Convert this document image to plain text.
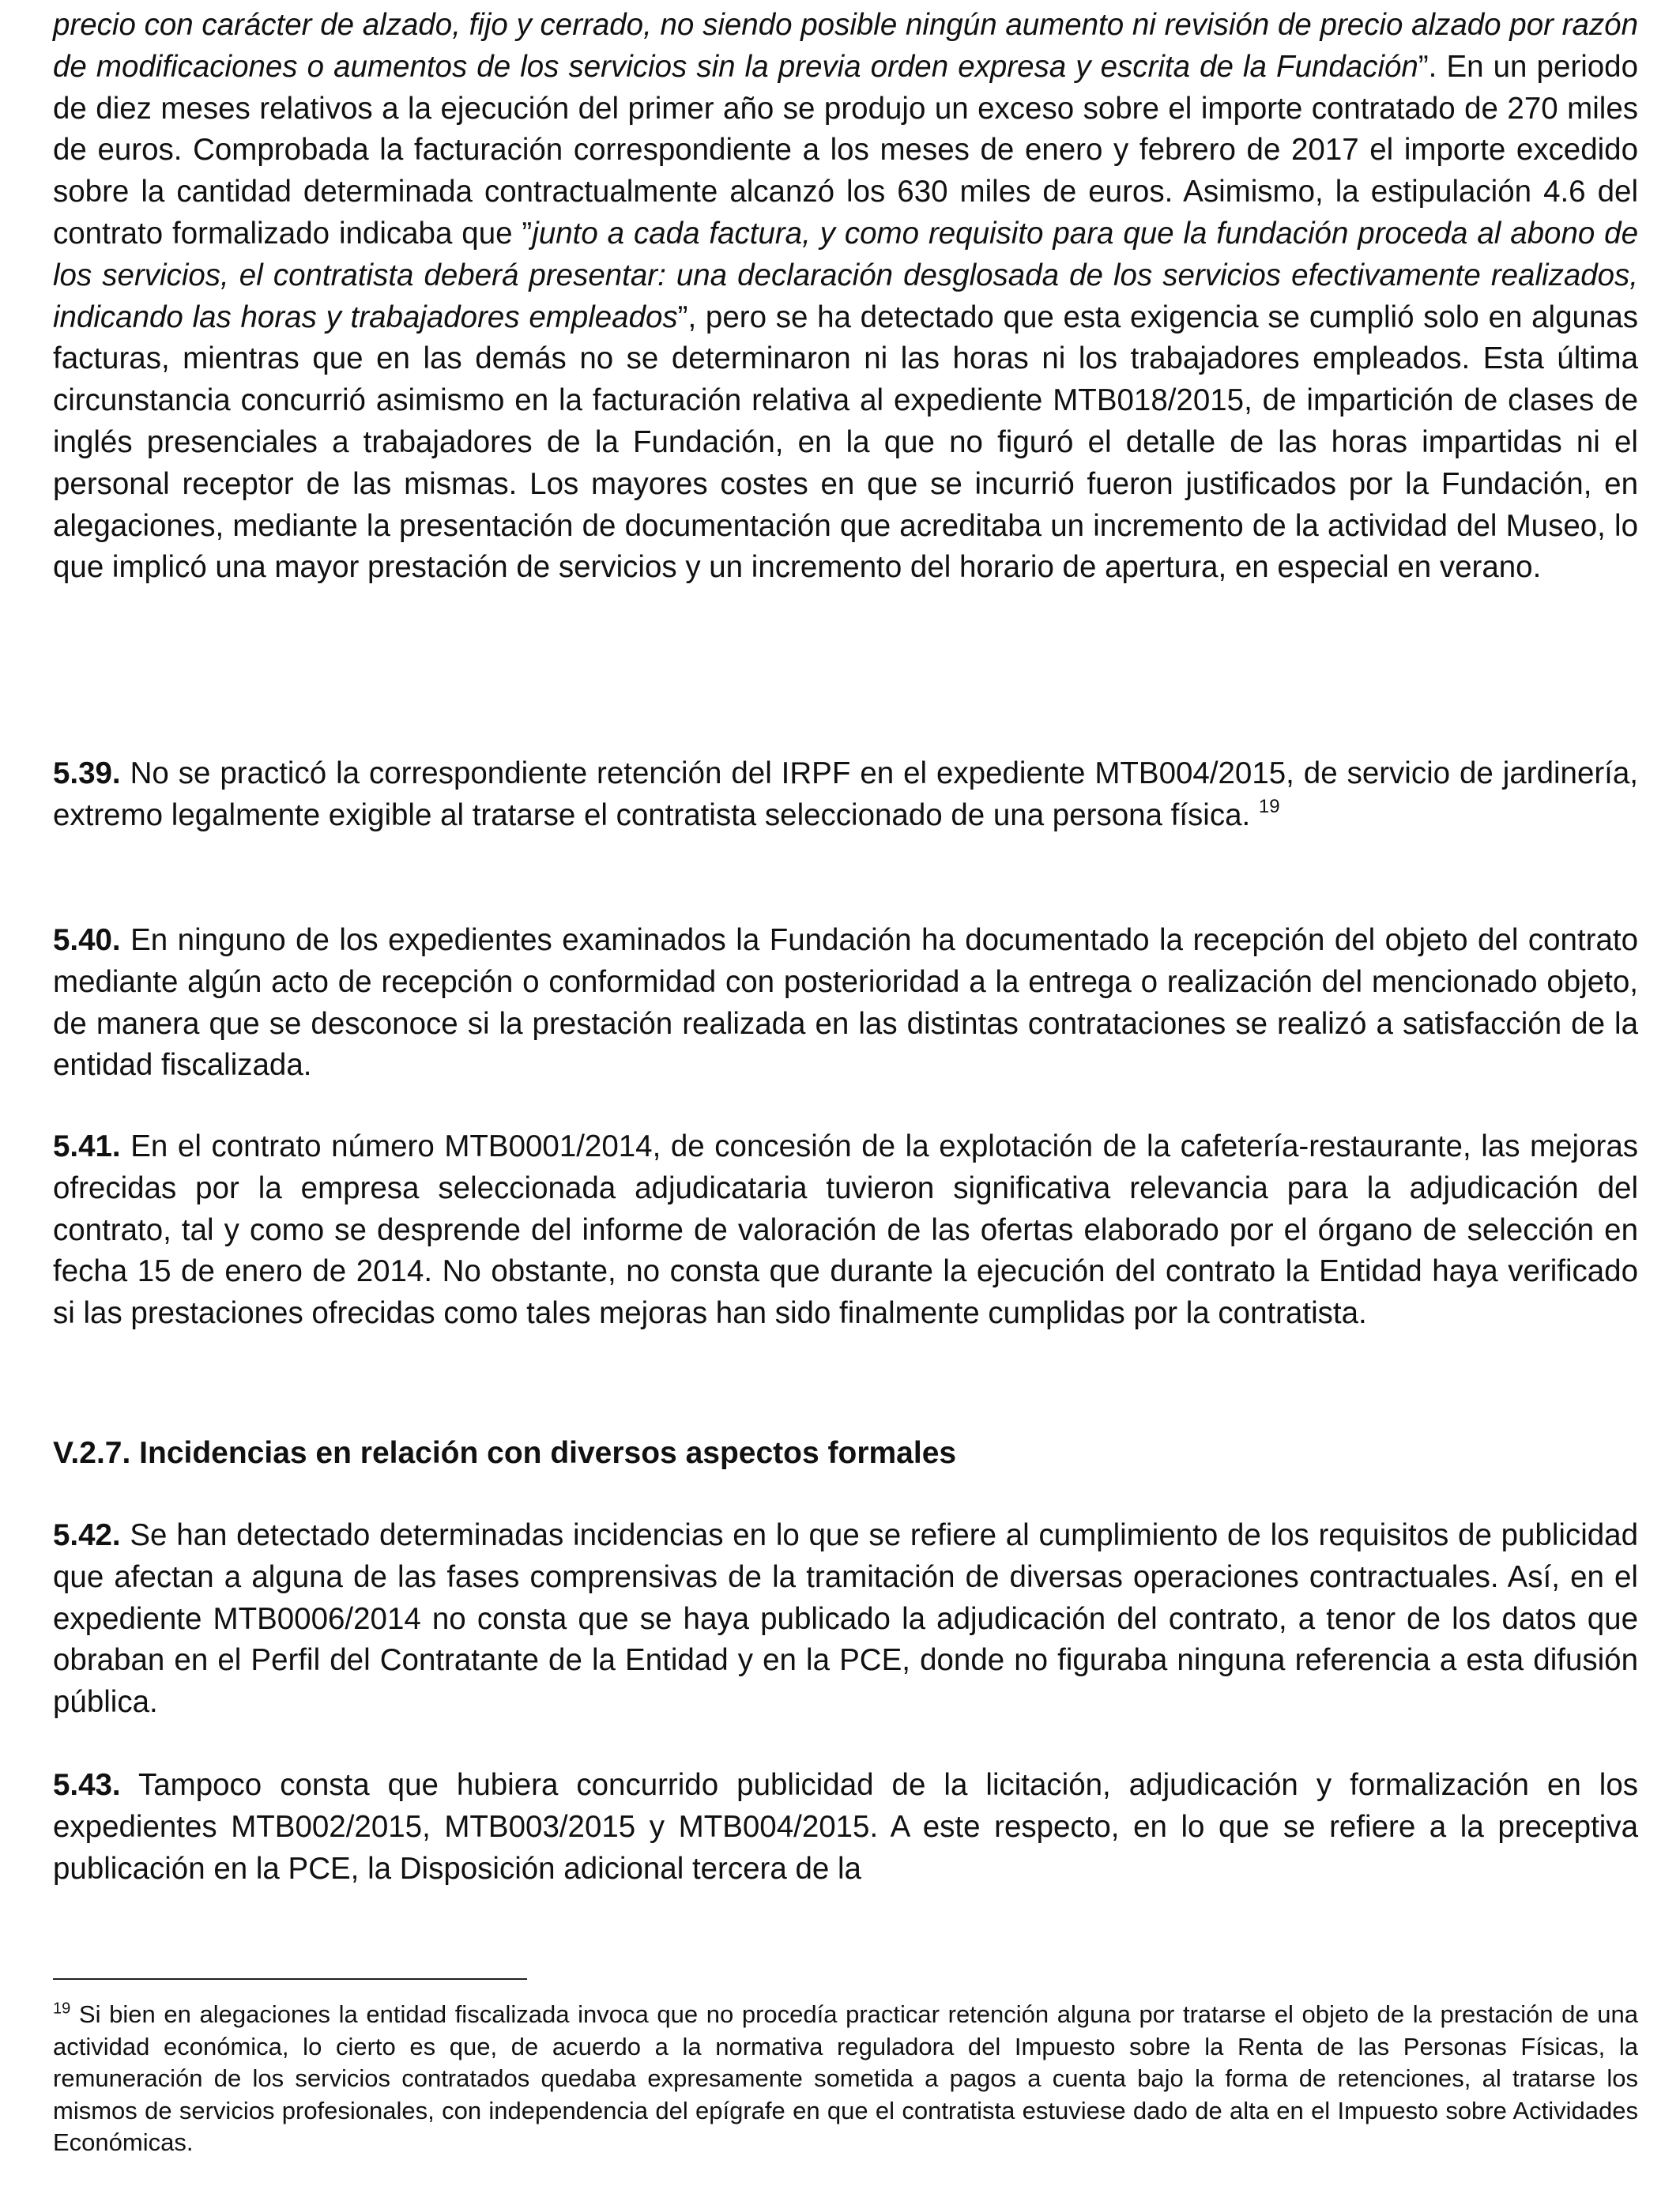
precio con carácter de alzado, fijo y cerrado, no siendo posible ningún aumento ni revisión de precio alzado por razón de modificaciones o aumentos de los servicios sin la previa orden expresa y escrita de la Fundación”. En un periodo de diez meses relativos a la ejecución del primer año se produjo un exceso sobre el importe contratado de 270 miles de euros. Comprobada la facturación correspondiente a los meses de enero y febrero de 2017 el importe excedido sobre la cantidad determinada contractualmente alcanzó los 630 miles de euros. Asimismo, la estipulación 4.6 del contrato formalizado indicaba que ”junto a cada factura, y como requisito para que la fundación proceda al abono de los servicios, el contratista deberá presentar: una declaración desglosada de los servicios efectivamente realizados, indicando las horas y trabajadores empleados”, pero se ha detectado que esta exigencia se cumplió solo en algunas facturas, mientras que en las demás no se determinaron ni las horas ni los trabajadores empleados. Esta última circunstancia concurrió asimismo en la facturación relativa al expediente MTB018/2015, de impartición de clases de inglés presenciales a trabajadores de la Fundación, en la que no figuró el detalle de las horas impartidas ni el personal receptor de las mismas. Los mayores costes en que se incurrió fueron justificados por la Fundación, en alegaciones, mediante la presentación de documentación que acreditaba un incremento de la actividad del Museo, lo que implicó una mayor prestación de servicios y un incremento del horario de apertura, en especial en verano.

5.39. No se practicó la correspondiente retención del IRPF en el expediente MTB004/2015, de servicio de jardinería, extremo legalmente exigible al tratarse el contratista seleccionado de una persona física. $^{19}$

5.40. En ninguno de los expedientes examinados la Fundación ha documentado la recepción del objeto del contrato mediante algún acto de recepción o conformidad con posterioridad a la entrega o realización del mencionado objeto, de manera que se desconoce si la prestación realizada en las distintas contrataciones se realizó a satisfacción de la entidad fiscalizada.

5.41. En el contrato número MTB0001/2014, de concesión de la explotación de la cafetería-restaurante, las mejoras ofrecidas por la empresa seleccionada adjudicataria tuvieron significativa relevancia para la adjudicación del contrato, tal y como se desprende del informe de valoración de las ofertas elaborado por el órgano de selección en fecha 15 de enero de 2014. No obstante, no consta que durante la ejecución del contrato la Entidad haya verificado si las prestaciones ofrecidas como tales mejoras han sido finalmente cumplidas por la contratista.

V.2.7. Incidencias en relación con diversos aspectos formales

5.42. Se han detectado determinadas incidencias en lo que se refiere al cumplimiento de los requisitos de publicidad que afectan a alguna de las fases comprensivas de la tramitación de diversas operaciones contractuales. Así, en el expediente MTB0006/2014 no consta que se haya publicado la adjudicación del contrato, a tenor de los datos que obraban en el Perfil del Contratante de la Entidad y en la PCE, donde no figuraba ninguna referencia a esta difusión pública.

5.43. Tampoco consta que hubiera concurrido publicidad de la licitación, adjudicación y formalización en los expedientes MTB002/2015, MTB003/2015 y MTB004/2015. A este respecto, en lo que se refiere a la preceptiva publicación en la PCE, la Disposición adicional tercera de la

$^{19}$ Si bien en alegaciones la entidad fiscalizada invoca que no procedía practicar retención alguna por tratarse el objeto de la prestación de una actividad económica, lo cierto es que, de acuerdo a la normativa reguladora del Impuesto sobre la Renta de las Personas Físicas, la remuneración de los servicios contratados quedaba expresamente sometida a pagos a cuenta bajo la forma de retenciones, al tratarse los mismos de servicios profesionales, con independencia del epígrafe en que el contratista estuviese dado de alta en el Impuesto sobre Actividades Económicas.
